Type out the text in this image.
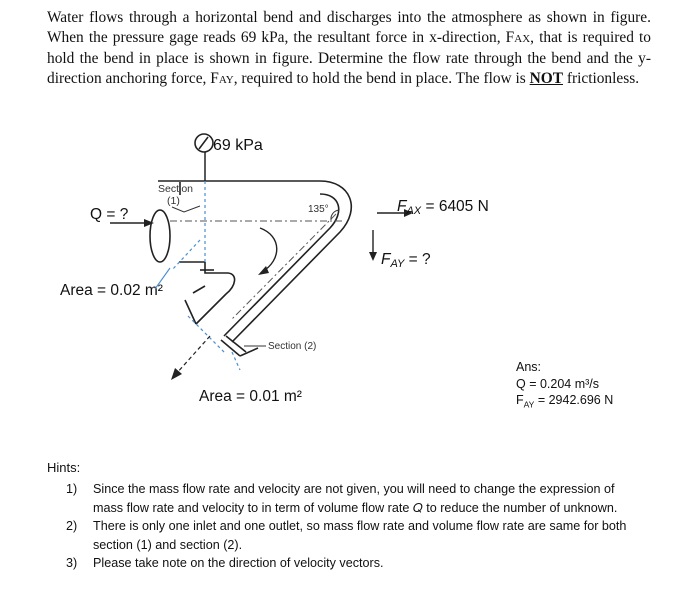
Water flows through a horizontal bend and discharges into the atmosphere as shown in figure. When the pressure gage reads 69 kPa, the resultant force in x-direction, FAX, that is required to hold the bend in place is shown in figure. Determine the flow rate through the bend and the y-direction anchoring force, FAY, required to hold the bend in place. The flow is NOT frictionless.
69 kPa
Section
(1)
Q = ?	135°
Area = 0.02 m²
Section (2)
Area = 0.01 m²
FAX = 6405 N
FAY = ?
Ans:
Q = 0.204 m³/s
$F_{AY} = 2942.696$ N
Hints:
1)	Since the mass flow rate and velocity are not given, you will need to change the expression of mass flow rate and velocity to in term of volume flow rate 𝑄 to reduce the number of unknown.
2)	There is only one inlet and one outlet, so mass flow rate and volume flow rate are same for both section (1) and section (2).
3)	Please take note on the direction of velocity vectors.
